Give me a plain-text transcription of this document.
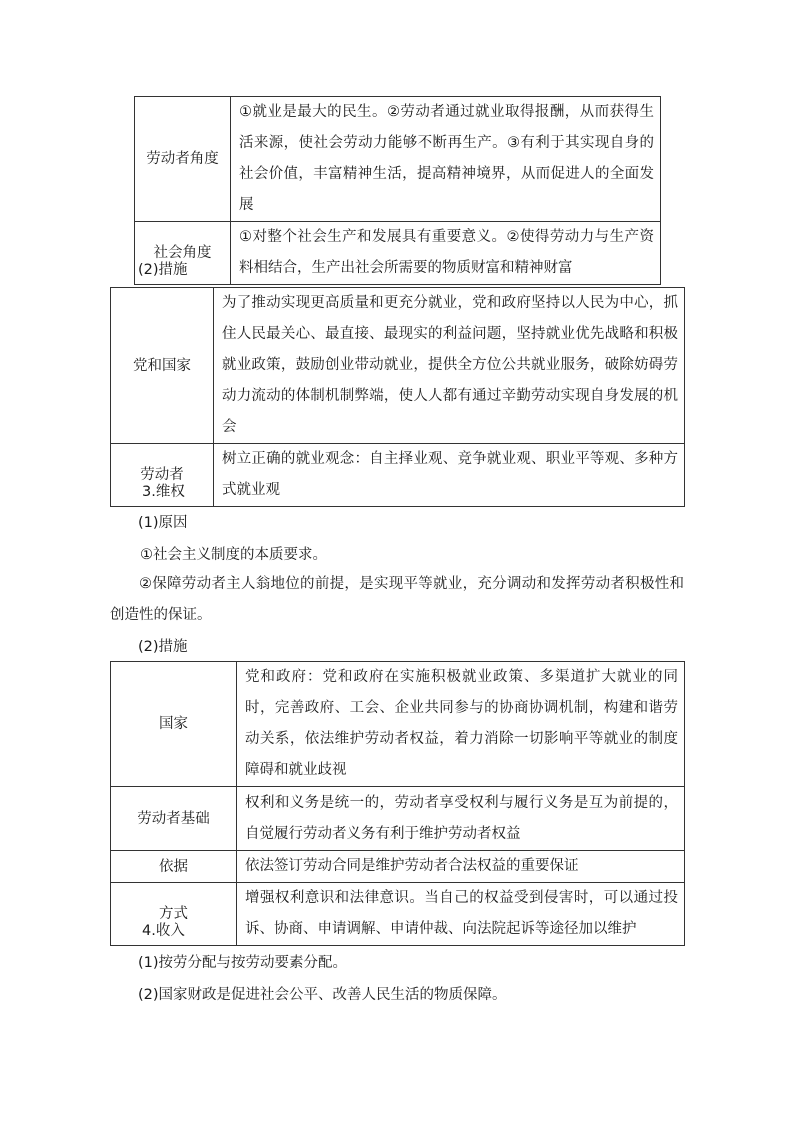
劳动者角度	①就业是最大的民生。②劳动者通过就业取得报酬，从而获得生活来源，使社会劳动力能够不断再生产。③有利于其实现自身的社会价值，丰富精神生活，提高精神境界，从而促进人的全面发展
社会角度	①对整个社会生产和发展具有重要意义。②使得劳动力与生产资料相结合，生产出社会所需要的物质财富和精神财富
(2)措施
党和国家	为了推动实现更高质量和更充分就业，党和政府坚持以人民为中心，抓住人民最关心、最直接、最现实的利益问题，坚持就业优先战略和积极就业政策，鼓励创业带动就业，提供全方位公共就业服务，破除妨碍劳动力流动的体制机制弊端，使人人都有通过辛勤劳动实现自身发展的机会
劳动者	树立正确的就业观念：自主择业观、竞争就业观、职业平等观、多种方式就业观
3.维权
(1)原因
①社会主义制度的本质要求。
②保障劳动者主人翁地位的前提，是实现平等就业，充分调动和发挥劳动者积极性和创造性的保证。
(2)措施
国家	党和政府：党和政府在实施积极就业政策、多渠道扩大就业的同时，完善政府、工会、企业共同参与的协商协调机制，构建和谐劳动关系，依法维护劳动者权益，着力消除一切影响平等就业的制度障碍和就业歧视
劳动者基础	权利和义务是统一的，劳动者享受权利与履行义务是互为前提的，自觉履行劳动者义务有利于维护劳动者权益
依据	依法签订劳动合同是维护劳动者合法权益的重要保证
方式	增强权利意识和法律意识。当自己的权益受到侵害时，可以通过投诉、协商、申请调解、申请仲裁、向法院起诉等途径加以维护
4.收入
(1)按劳分配与按劳动要素分配。
(2)国家财政是促进社会公平、改善人民生活的物质保障。
